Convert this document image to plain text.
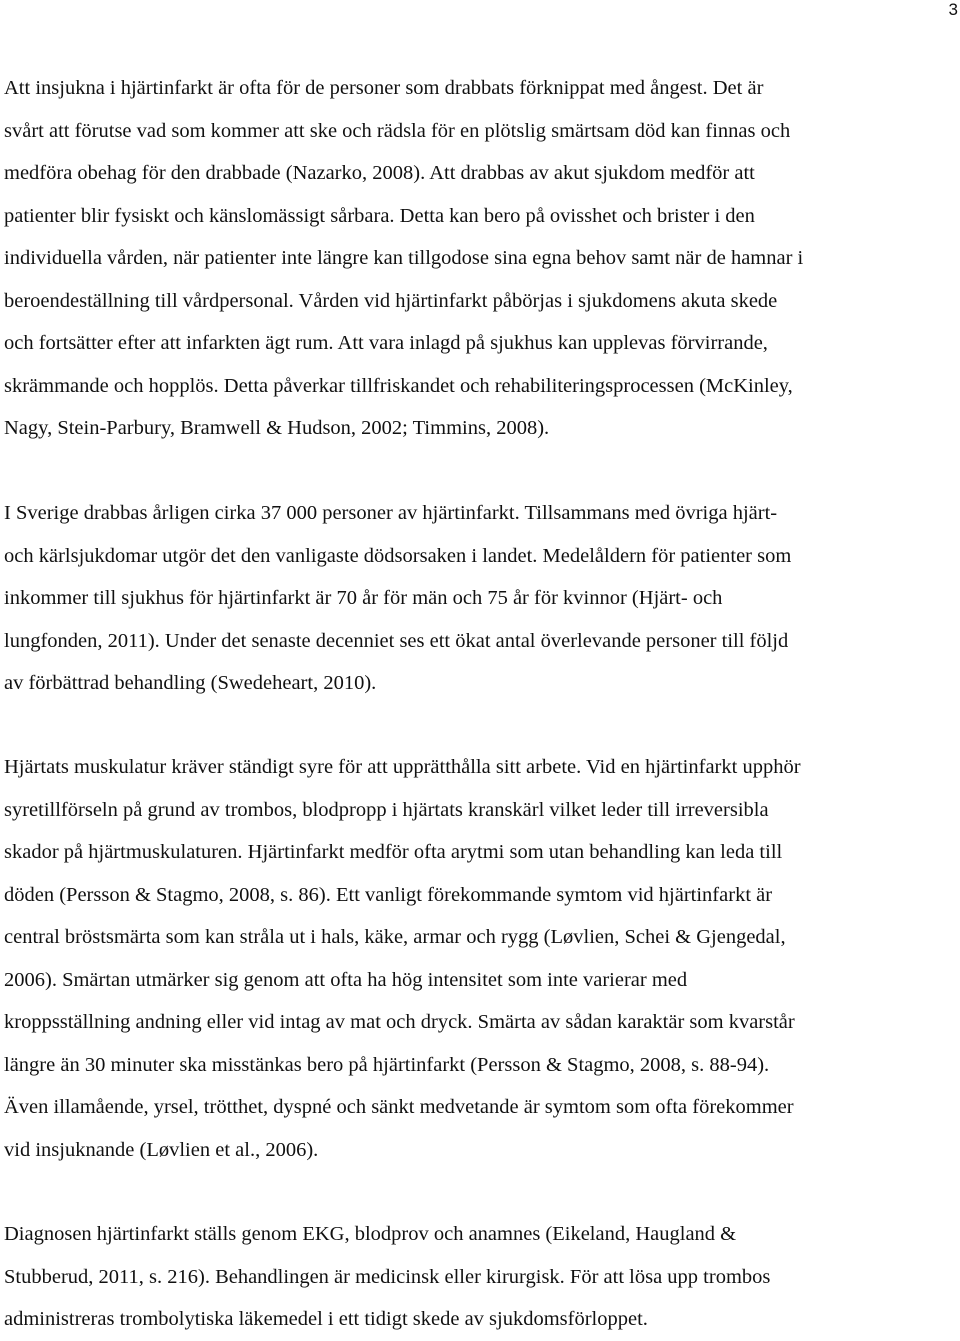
3
Att insjukna i hjärtinfarkt är ofta för de personer som drabbats förknippat med ångest. Det är
svårt att förutse vad som kommer att ske och rädsla för en plötslig smärtsam död kan finnas och
medföra obehag för den drabbade (Nazarko, 2008). Att drabbas av akut sjukdom medför att
patienter blir fysiskt och känslomässigt sårbara. Detta kan bero på ovisshet och brister i den
individuella vården, när patienter inte längre kan tillgodose sina egna behov samt när de hamnar i
beroendeställning till vårdpersonal. Vården vid hjärtinfarkt påbörjas i sjukdomens akuta skede
och fortsätter efter att infarkten ägt rum. Att vara inlagd på sjukhus kan upplevas förvirrande,
skrämmande och hopplös. Detta påverkar tillfriskandet och rehabiliteringsprocessen (McKinley,
Nagy, Stein-Parbury, Bramwell & Hudson, 2002; Timmins, 2008).
I Sverige drabbas årligen cirka 37 000 personer av hjärtinfarkt. Tillsammans med övriga hjärt-
och kärlsjukdomar utgör det den vanligaste dödsorsaken i landet. Medelåldern för patienter som
inkommer till sjukhus för hjärtinfarkt är 70 år för män och 75 år för kvinnor (Hjärt- och
lungfonden, 2011). Under det senaste decenniet ses ett ökat antal överlevande personer till följd
av förbättrad behandling (Swedeheart, 2010).
Hjärtats muskulatur kräver ständigt syre för att upprätthålla sitt arbete. Vid en hjärtinfarkt upphör
syretillförseln på grund av trombos, blodpropp i hjärtats kranskärl vilket leder till irreversibla
skador på hjärtmuskulaturen. Hjärtinfarkt medför ofta arytmi som utan behandling kan leda till
döden (Persson & Stagmo, 2008, s. 86). Ett vanligt förekommande symtom vid hjärtinfarkt är
central bröstsmärta som kan stråla ut i hals, käke, armar och rygg (Løvlien, Schei & Gjengedal,
2006). Smärtan utmärker sig genom att ofta ha hög intensitet som inte varierar med
kroppsställning andning eller vid intag av mat och dryck. Smärta av sådan karaktär som kvarstår
längre än 30 minuter ska misstänkas bero på hjärtinfarkt (Persson & Stagmo, 2008, s. 88-94).
Även illamående, yrsel, trötthet, dyspné och sänkt medvetande är symtom som ofta förekommer
vid insjuknande (Løvlien et al., 2006).
Diagnosen hjärtinfarkt ställs genom EKG, blodprov och anamnes (Eikeland, Haugland &
Stubberud, 2011, s. 216). Behandlingen är medicinsk eller kirurgisk. För att lösa upp trombos
administreras trombolytiska läkemedel i ett tidigt skede av sjukdomsförloppet.
